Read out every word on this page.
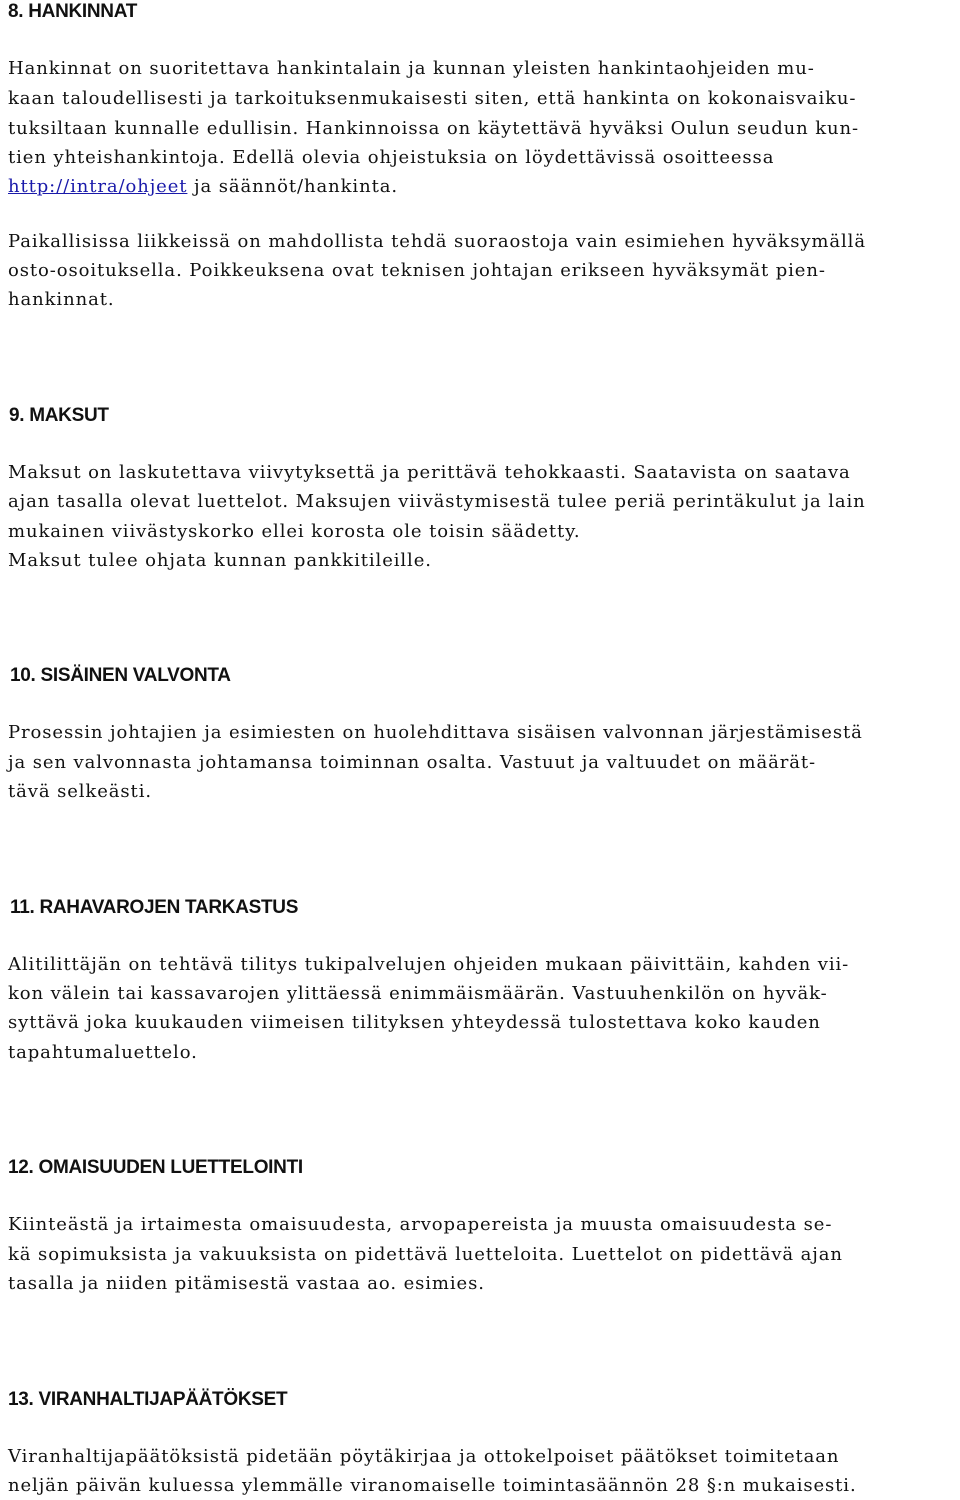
8. HANKINNAT

Hankinnat on suoritettava hankintalain ja kunnan yleisten hankintaohjeiden mu-

kaan taloudellisesti ja tarkoituksenmukaisesti siten, että hankinta on kokonaisvaiku-

tuksiltaan kunnalle edullisin. Hankinnoissa on käytettävä hyväksi Oulun seudun kun-

tien yhteishankintoja. Edellä olevia ohjeistuksia on löydettävissä osoitteessa

http://intra/ohjeet ja säännöt/hankinta.

Paikallisissa liikkeissä on mahdollista tehdä suoraostoja vain esimiehen hyväksymällä

osto-osoituksella. Poikkeuksena ovat teknisen johtajan erikseen hyväksymät pien-

hankinnat.

9. MAKSUT

Maksut on laskutettava viivytyksettä ja perittävä tehokkaasti. Saatavista on saatava

ajan tasalla olevat luettelot. Maksujen viivästymisestä tulee periä perintäkulut ja lain

mukainen viivästyskorko ellei korosta ole toisin säädetty.

Maksut tulee ohjata kunnan pankkitileille.

10. SISÄINEN VALVONTA

Prosessin johtajien ja esimiesten on huolehdittava sisäisen valvonnan järjestämisestä

ja sen valvonnasta johtamansa toiminnan osalta. Vastuut ja valtuudet on määrät-

tävä selkeästi.

11. RAHAVAROJEN TARKASTUS

Alitilittäjän on tehtävä tilitys tukipalvelujen ohjeiden mukaan päivittäin, kahden vii-

kon välein tai kassavarojen ylittäessä enimmäismäärän. Vastuuhenkilön on hyväk-

syttävä joka kuukauden viimeisen tilityksen yhteydessä tulostettava koko kauden

tapahtumaluettelo.

12. OMAISUUDEN LUETTELOINTI

Kiinteästä ja irtaimesta omaisuudesta, arvopapereista ja muusta omaisuudesta se-

kä sopimuksista ja vakuuksista on pidettävä luetteloita. Luettelot on pidettävä ajan

tasalla ja niiden pitämisestä vastaa ao. esimies.

13. VIRANHALTIJAPÄÄTÖKSET

Viranhaltijapäätöksistä pidetään pöytäkirjaa ja ottokelpoiset päätökset toimitetaan

neljän päivän kuluessa ylemmälle viranomaiselle toimintasäännön 28 §:n mukaisesti.
